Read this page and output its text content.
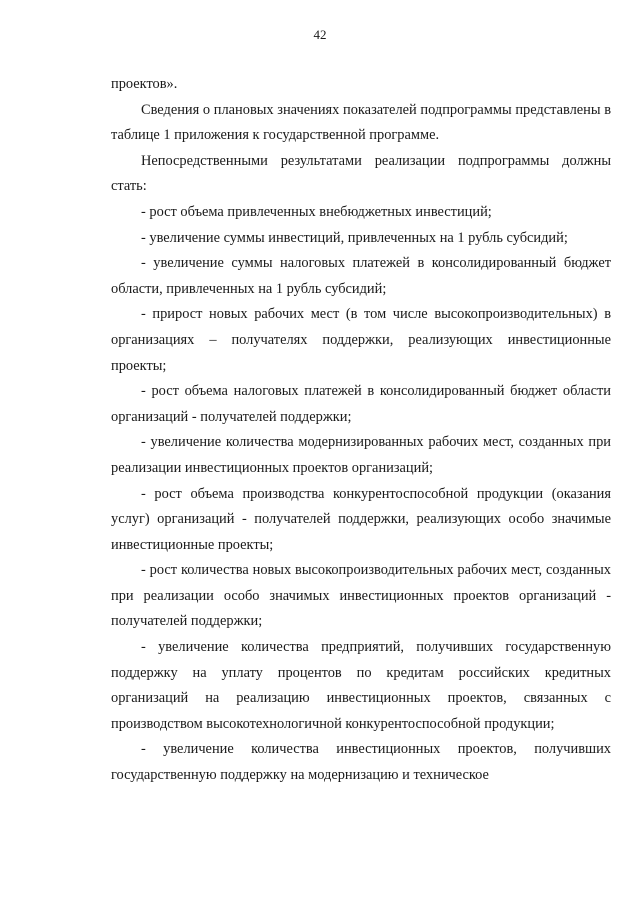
42

проектов».

Сведения о плановых значениях показателей подпрограммы представлены в таблице 1 приложения к государственной программе.

Непосредственными результатами реализации подпрограммы должны стать:

- рост объема привлеченных внебюджетных инвестиций;

- увеличение суммы инвестиций, привлеченных на 1 рубль субсидий;

- увеличение суммы налоговых платежей в консолидированный бюджет области, привлеченных на 1 рубль субсидий;

- прирост новых рабочих мест (в том числе высокопроизводительных) в организациях – получателях поддержки, реализующих инвестиционные проекты;

- рост объема налоговых платежей в консолидированный бюджет области организаций - получателей поддержки;

- увеличение количества модернизированных рабочих мест, созданных при реализации инвестиционных проектов организаций;

- рост объема производства конкурентоспособной продукции (оказания услуг) организаций - получателей поддержки, реализующих особо значимые инвестиционные проекты;

- рост количества новых высокопроизводительных рабочих мест, созданных при реализации особо значимых инвестиционных проектов организаций - получателей поддержки;

- увеличение количества предприятий, получивших государственную поддержку на уплату процентов по кредитам российских кредитных организаций на реализацию инвестиционных проектов, связанных с производством высокотехнологичной конкурентоспособной продукции;

- увеличение количества инвестиционных проектов, получивших государственную поддержку на модернизацию и техническое
